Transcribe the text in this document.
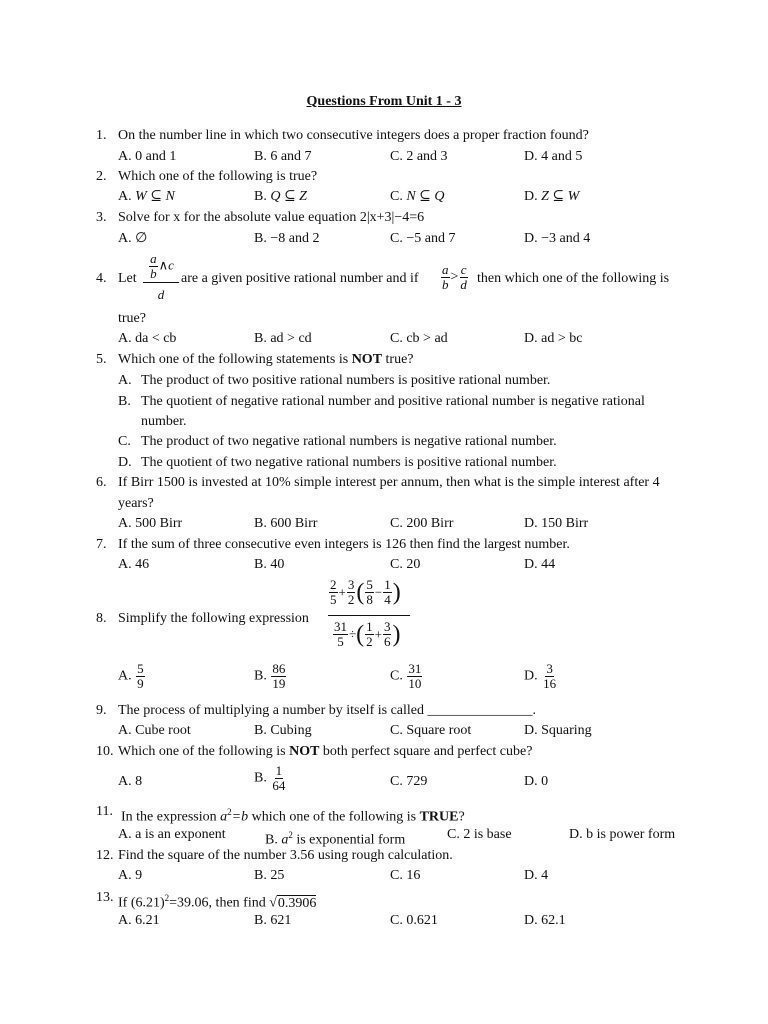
Questions From Unit 1 - 3
1. On the number line in which two consecutive integers does a proper fraction found?
A. 0 and 1	B. 6 and 7	C. 2 and 3	D. 4 and 5
2. Which one of the following is true?
A. W ⊆ N	B. Q ⊆ Z	C. N ⊆ Q	D. Z ⊆ W
3. Solve for x for the absolute value equation 2|x+3|−4=6
A. ∅	B. −8 and 2	C. −5 and 7	D. −3 and 4
4. Let $\frac{\frac{a}{b} \wedge c}{d}$ are a given positive rational number and if $\frac{a}{b} > \frac{c}{d}$ then which one of the following is
true?
A. da < cb	B. ad > cd	C. cb > ad	D. ad > bc
5. Which one of the following statements is NOT true?
A. The product of two positive rational numbers is positive rational number.
B. The quotient of negative rational number and positive rational number is negative rational
number.
C. The product of two negative rational numbers is negative rational number.
D. The quotient of two negative rational numbers is positive rational number.
6. If Birr 1500 is invested at 10% simple interest per annum, then what is the simple interest after 4
years?
A. 500 Birr	B. 600 Birr	C. 200 Birr	D. 150 Birr
7. If the sum of three consecutive even integers is 126 then find the largest number.
A. 46	B. 40	C. 20	D. 44
8. Simplify the following expression
$\frac{2}{5} + \frac{3}{2}$ ( $\frac{5}{8} - \frac{1}{4}$ )
$\frac{31}{5}$ ÷( $\frac{1}{2} + \frac{3}{6}$ )
A. $\frac{5}{9}$	B. $\frac{86}{19}$	C. $\frac{31}{10}$	D. $\frac{3}{16}$
9. The process of multiplying a number by itself is called _______________.
A. Cube root	B. Cubing	C. Square root	D. Squaring
10. Which one of the following is NOT both perfect square and perfect cube?
A. 8	B. $\frac{1}{64}$	C. 729	D. 0
11. In the expression $a^2=b$ which one of the following is TRUE?
A. a is an exponent	B. $a^2$ is exponential form	C. 2 is base	D. b is power form
12. Find the square of the number 3.56 using rough calculation.
A. 9	B. 25	C. 16	D. 4
13. If $(6.21)^2=39.06$, then find √0.3906
A. 6.21	B. 621	C. 0.621	D. 62.1
